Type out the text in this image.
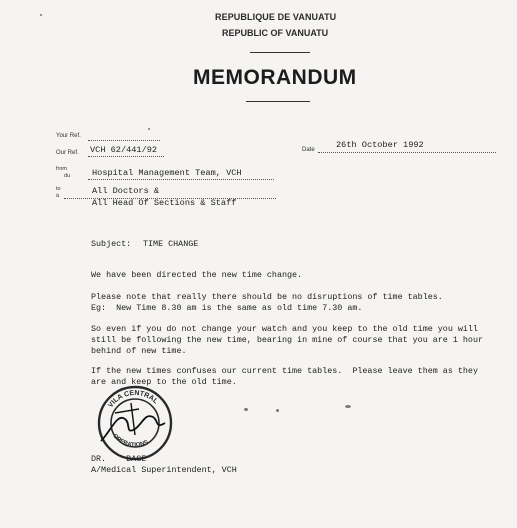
REPUBLIQUE DE VANUATU
REPUBLIC OF VANUATU
MEMORANDUM
Your Ref.
Our Ref. VCH 62/441/92	Date 26th October 1992
from
du	Hospital Management Team, VCH
to
à	All Doctors &
All Head Of Sections & Staff
Subject: TIME CHANGE
We have been directed the new time change.
Please note that really there should be no disruptions of time tables.
Eg:  New Time 8.30 am is the same as old time 7.30 am.
So even if you do not change your watch and you keep to the old time you will
still be following the new time, bearing in mine of course that you are 1 hour
behind of new time.
If the new times confuses our current time tables.  Please leave them as they
are and keep to the old time.
VILA CENTRAL
OPERATIONS
DR.    BAGE
A/Medical Superintendent, VCH
